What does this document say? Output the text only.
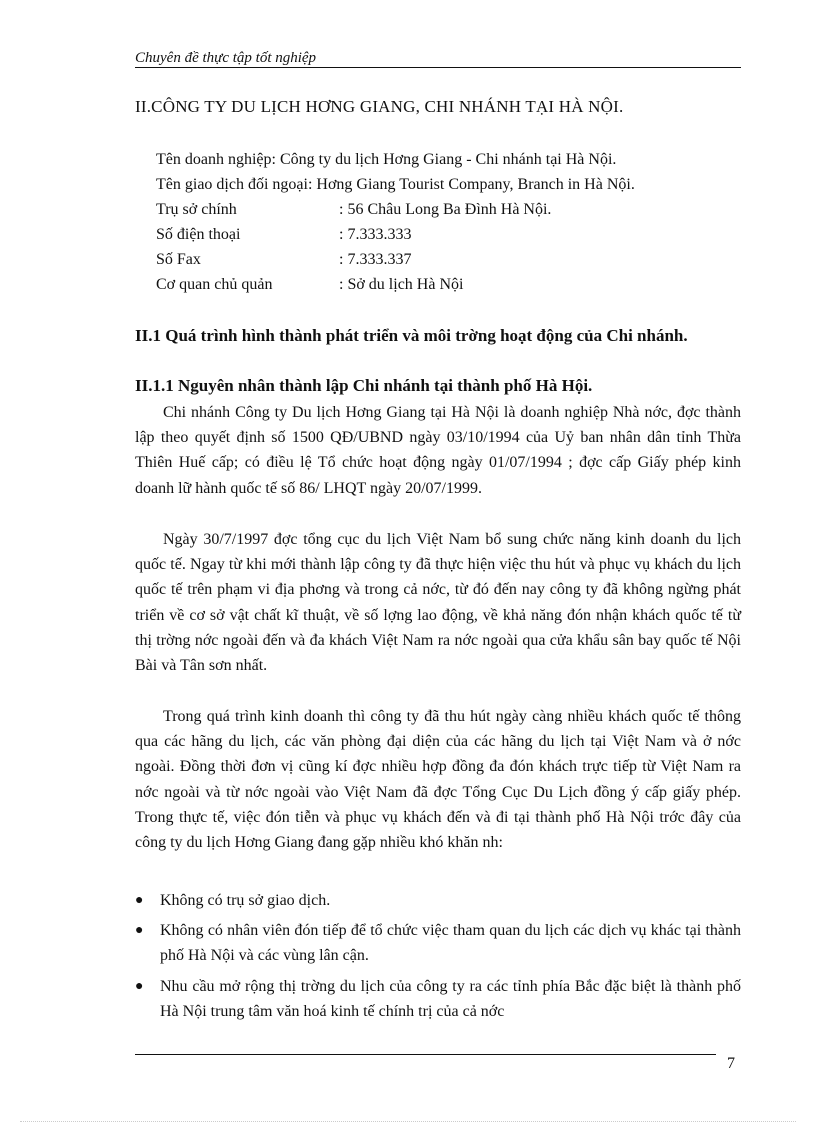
Chuyên đề thực tập tốt nghiệp
II.CÔNG TY DU LỊCH HƠNG GIANG, CHI NHÁNH TẠI HÀ NỘI.
Tên doanh nghiệp: Công ty du lịch Hơng Giang - Chi nhánh tại Hà Nội.
Tên giao dịch đối ngoại: Hơng Giang Tourist Company, Branch in Hà Nội.
Trụ sở chính	: 56 Châu Long Ba Đình Hà Nội.
Số điện thoại	: 7.333.333
Số Fax	: 7.333.337
Cơ quan chủ quản	: Sở du lịch Hà Nội
II.1 Quá trình hình thành phát triển và môi trờng hoạt động của Chi nhánh.
II.1.1 Nguyên nhân thành lập Chi nhánh tại thành phố Hà Hội.

Chi nhánh Công ty Du lịch Hơng Giang tại Hà Nội là doanh nghiệp Nhà nớc, đợc thành lập theo quyết định số 1500 QĐ/UBND ngày 03/10/1994 của Uỷ ban nhân dân tỉnh Thừa Thiên Huế cấp; có điều lệ Tổ chức hoạt động ngày 01/07/1994 ; đợc cấp Giấy phép kinh doanh lữ hành quốc tế số 86/ LHQT ngày 20/07/1999.

Ngày 30/7/1997 đợc tổng cục du lịch Việt Nam bổ sung chức năng kinh doanh du lịch quốc tế. Ngay từ khi mới thành lập công ty đã thực hiện việc thu hút và phục vụ khách du lịch quốc tế trên phạm vi địa phơng và trong cả nớc, từ đó đến nay công ty đã không ngừng phát triển về cơ sở vật chất kĩ thuật, về số lợng lao động, về khả năng đón nhận khách quốc tế từ thị trờng nớc ngoài đến và đa khách Việt Nam ra nớc ngoài qua cửa khẩu sân bay quốc tế Nội Bài và Tân sơn nhất.

Trong quá trình kinh doanh thì công ty đã thu hút ngày càng nhiều khách quốc tế thông qua các hãng du lịch, các văn phòng đại diện của các hãng du lịch tại Việt Nam và ở nớc ngoài. Đồng thời đơn vị cũng kí đợc nhiều hợp đồng đa đón khách trực tiếp từ Việt Nam ra nớc ngoài và từ nớc ngoài vào Việt Nam đã đợc Tổng Cục Du Lịch đồng ý cấp giấy phép. Trong thực tế, việc đón tiễn và phục vụ khách đến và đi tại thành phố Hà Nội trớc đây của công ty du lịch Hơng Giang đang gặp nhiều khó khăn nh:

● Không có trụ sở giao dịch.
● Không có nhân viên đón tiếp để tổ chức việc tham quan du lịch các dịch vụ khác tại thành phố Hà Nội và các vùng lân cận.
● Nhu cầu mở rộng thị trờng du lịch của công ty ra các tỉnh phía Bắc đặc biệt là thành phố Hà Nội trung tâm văn hoá kinh tế chính trị của cả nớc
7
